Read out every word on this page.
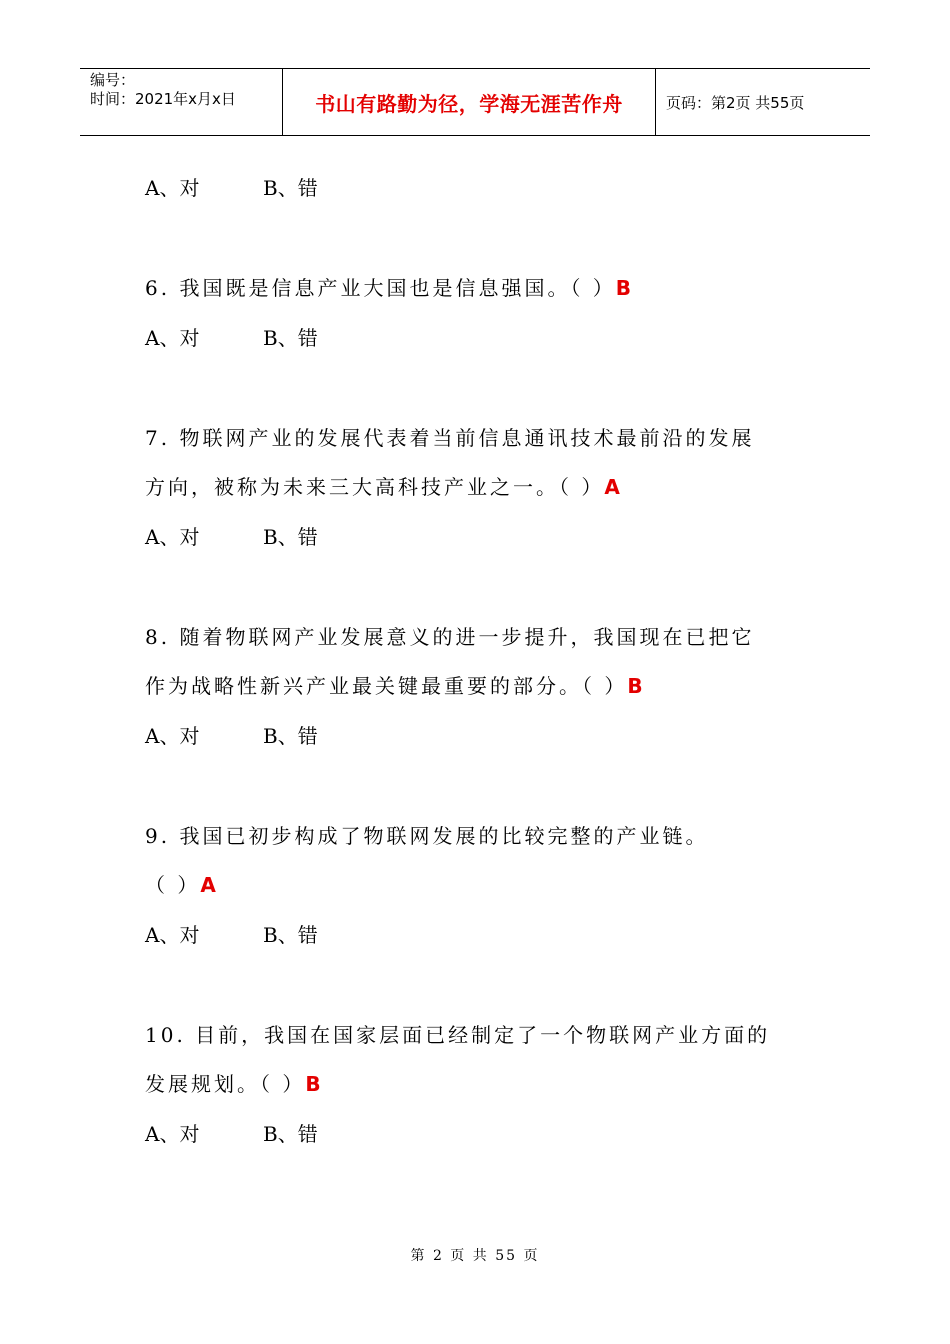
编号：
时间：2021年x月x日	书山有路勤为径，学海无涯苦作舟	页码：第2页 共55页
A、对	B、错
6. 我国既是信息产业大国也是信息强国。（ ）B
A、对	B、错
7. 物联网产业的发展代表着当前信息通讯技术最前沿的发展
方向，被称为未来三大高科技产业之一。（ ）A
A、对	B、错
8. 随着物联网产业发展意义的进一步提升，我国现在已把它
作为战略性新兴产业最关键最重要的部分。（ ）B
A、对	B、错
9. 我国已初步构成了物联网发展的比较完整的产业链。
（ ）A
A、对	B、错
10. 目前，我国在国家层面已经制定了一个物联网产业方面的
发展规划。（ ）B
A、对	B、错
第 2 页 共 55 页
